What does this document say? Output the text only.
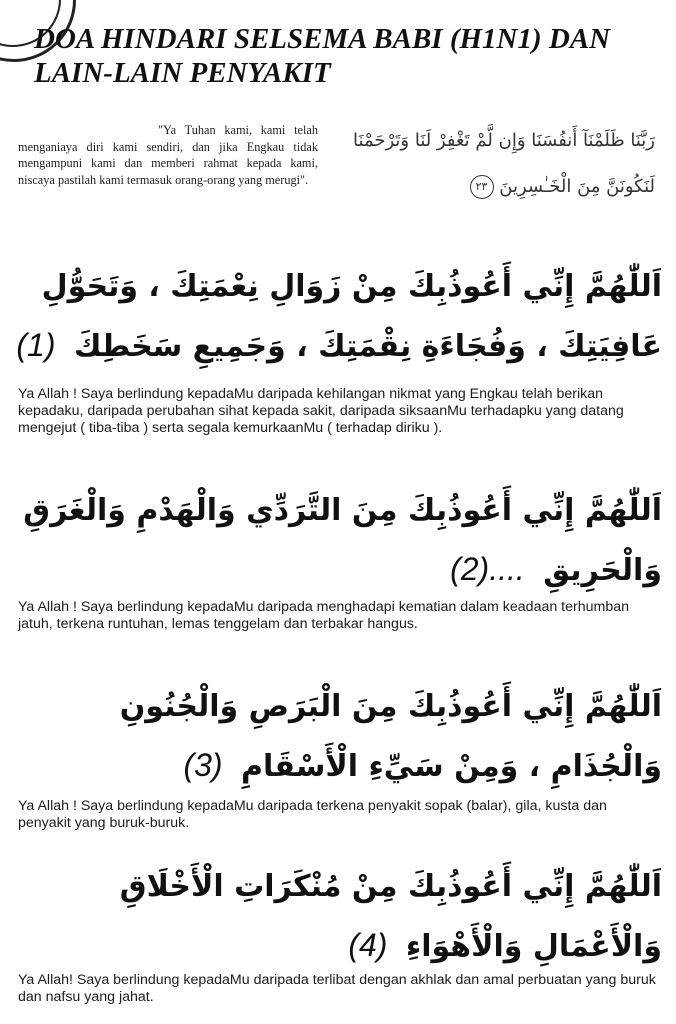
DOA HINDARI SELSEMA BABI (H1N1) DAN
LAIN-LAIN PENYAKIT

"Ya Tuhan kami, kami telah menganiaya diri kami sendiri, dan jika Engkau tidak mengampuni kami dan memberi rahmat kepada kami, niscaya pastilah kami termasuk orang-orang yang merugi".

رَبَّنَا ظَلَمْنَآ أَنفُسَنَا وَإِن لَّمْ تَغْفِرْ لَنَا وَتَرْحَمْنَا
لَنَكُونَنَّ مِنَ الْخَـٰسِرِينَ ٢٣

اَللّٰهُمَّ إِنِّي أَعُوذُبِكَ مِنْ زَوَالِ نِعْمَتِكَ ، وَتَحَوُّلِ عَافِيَتِكَ ، وَفُجَاءَةِ نِقْمَتِكَ ، وَجَمِيعِ سَخَطِكَ (1)

Ya Allah ! Saya berlindung kepadaMu daripada kehilangan nikmat yang Engkau telah berikan kepadaku, daripada perubahan sihat kepada sakit, daripada siksaanMu terhadapku yang datang mengejut ( tiba-tiba ) serta segala kemurkaanMu ( terhadap diriku ).

اَللّٰهُمَّ إِنِّي أَعُوذُبِكَ مِنَ التَّرَدِّي وَالْهَدْمِ وَالْغَرَقِ وَالْحَرِيقِ (2)....

Ya Allah ! Saya berlindung kepadaMu daripada menghadapi kematian dalam keadaan terhumban jatuh, terkena runtuhan, lemas tenggelam dan terbakar hangus.

اَللّٰهُمَّ إِنِّي أَعُوذُبِكَ مِنَ الْبَرَصِ وَالْجُنُونِ وَالْجُذَامِ ، وَمِنْ سَيِّءِ الْأَسْقَامِ (3)

Ya Allah ! Saya berlindung kepadaMu daripada terkena penyakit sopak (balar), gila, kusta dan penyakit yang buruk-buruk.

اَللّٰهُمَّ إِنِّي أَعُوذُبِكَ مِنْ مُنْكَرَاتِ الْأَخْلَاقِ وَالْأَعْمَالِ وَالْأَهْوَاءِ (4)

Ya Allah! Saya berlindung kepadaMu daripada terlibat dengan akhlak dan amal perbuatan yang buruk dan nafsu yang jahat.
